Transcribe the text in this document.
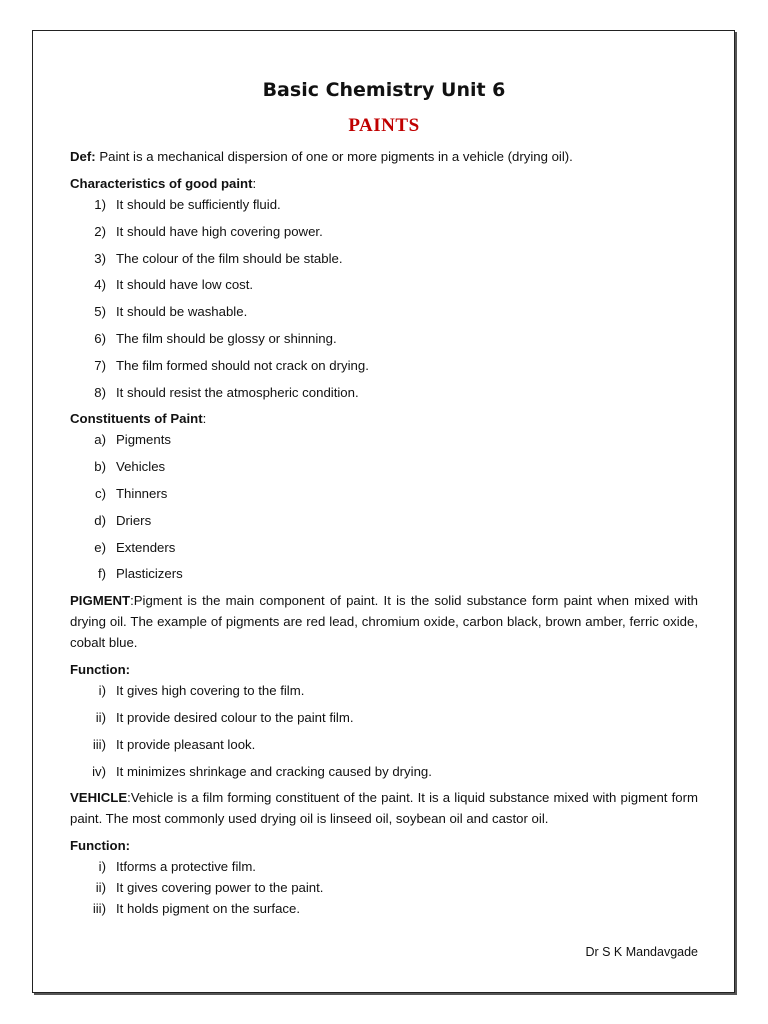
Basic Chemistry Unit 6
PAINTS

Def: Paint is a mechanical dispersion of one or more pigments in a vehicle (drying oil).

Characteristics of good paint:
1) It should be sufficiently fluid.
2) It should have high covering power.
3) The colour of the film should be stable.
4) It should have low cost.
5) It should be washable.
6) The film should be glossy or shinning.
7) The film formed should not crack on drying.
8) It should resist the atmospheric condition.
Constituents of Paint:
a) Pigments
b) Vehicles
c) Thinners
d) Driers
e) Extenders
f) Plasticizers

PIGMENT:Pigment is the main component of paint. It is the solid substance form paint when mixed with drying oil. The example of pigments are red lead, chromium oxide, carbon black, brown amber, ferric oxide, cobalt blue.

Function:
i) It gives high covering to the film.
ii) It provide desired colour to the paint film.
iii) It provide pleasant look.
iv) It minimizes shrinkage and cracking caused by drying.

VEHICLE:Vehicle is a film forming constituent of the paint. It is a liquid substance mixed with pigment form paint. The most commonly used drying oil is linseed oil, soybean oil and castor oil.

Function:
i) Itforms a protective film.
ii) It gives covering power to the paint.
iii) It holds pigment on the surface.
Dr S K Mandavgade
